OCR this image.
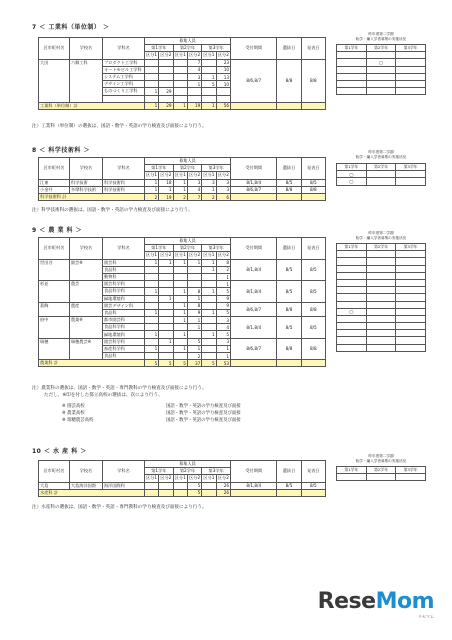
7 ＜ 工業科（単位制） ＞
区市町村名	学校名	学科名	募集人員						受付期間	選抜日	発表日
			第1学年		第2学年		第3学年				
			区分1	区分2	区分1	区分2	区分1	区分2			
大田	六郷工科	プロダクト工学科				7		23	8/6,8/7	8/8	8/8
		オートモビル工学科				4		10			
		システム工学科				3	1	13			
		デザイン工学科				1	5	10			
		ものづくり工学科	1	29							

工業科（単位制）計			1	29	1	19	1	56			
昨年度第二学期
転学・編入学者募集の実施状況
第1学年	第2学年	第3学年

	◯	

注）工業科（単位制）の選抜は、国語・数学・英語の学力検査及び面接により行う。
8 ＜ 科学技術科 ＞
区市町村名	学校名	学科名	募集人員						受付期間	選抜日	発表日
			第1学年		第2学年		第3学年				
			区分1	区分2	区分1	区分2	区分1	区分2			
江東	科学技術	科学技術科	1	18	1	3	3	3	8/1,8/4	8/5	8/5
小金井	多摩科学技術	科学技術科	1	1	1	4	1	3	8/6,8/7	8/8	8/8
科学技術科 計			2	19	2	7	2	6			
昨年度第二学期
転学・編入学者募集の実施状況
第1学年	第2学年	第3学年
◯		
◯		
注）科学技術科の選抜は、国語・数学・英語の学力検査及び面接により行う。
9 ＜ 農 業 科 ＞
区市町村名	学校名	学科名	募集人員						受付期間	選抜日	発表日
			第1学年		第2学年		第3学年				
			区分1	区分2	区分1	区分2	区分1	区分2			
世田谷	園芸※	園芸科	1	1	1	1	1	8	8/1,8/4	8/5	8/5
		食品科					1	2			
		動物科						1			
杉並	農芸	園芸科学科						1	8/1,8/4	8/5	8/5
		食品科学科	1		1	8	1	5			
		緑地環境科		1		1		9			
葛飾	農産	園芸デザイン科			1	8		9	8/6,8/7	8/8	8/8
		食品科	1		1	9	1	5			
府中	農業※	都市園芸科			1	1		3	8/1,8/4	8/5	8/5
		食品科学科				1		4			
		緑地環境科	1		1		1	5			
瑞穂	瑞穂農芸※	園芸科学科		1		5		3	8/6,8/7	8/8	8/8
		畜産科学科	1		1	1		1			
		食品科				2		1			
農業科 計			5	5	5	37	5	53			
昨年度第二学期
転学・編入学者募集の実施状況
第1学年	第2学年	第3学年

◯		

注）農業科の選抜は、国語・数学・英語・専門教科の学力検査及び面接により行う。
ただし、※印を付した都立高校の選抜は、次により行う。
※ 園芸高校	国語・数学・英語の学力検査及び面接
※ 農業高校	国語・数学・英語の学力検査及び面接
※ 瑞穂農芸高校	国語・数学・英語の学力検査及び面接
10 ＜ 水 産 科 ＞
区市町村名	学校名	学科名	募集人員						受付期間	選抜日	発表日
			第1学年		第2学年		第3学年				
			区分1	区分2	区分1	区分2	区分1	区分2			
大島	大島海洋国際	海洋国際科				5		26	8/1,8/4	8/5	8/5
水産科 計						5		26			
昨年度第二学期
転学・編入学者募集の実施状況
第1学年	第2学年	第3学年

注）水産科の選抜は、国語・数学・英語・専門教科の学力検査及び面接により行う。
ReseMom
リセマム
